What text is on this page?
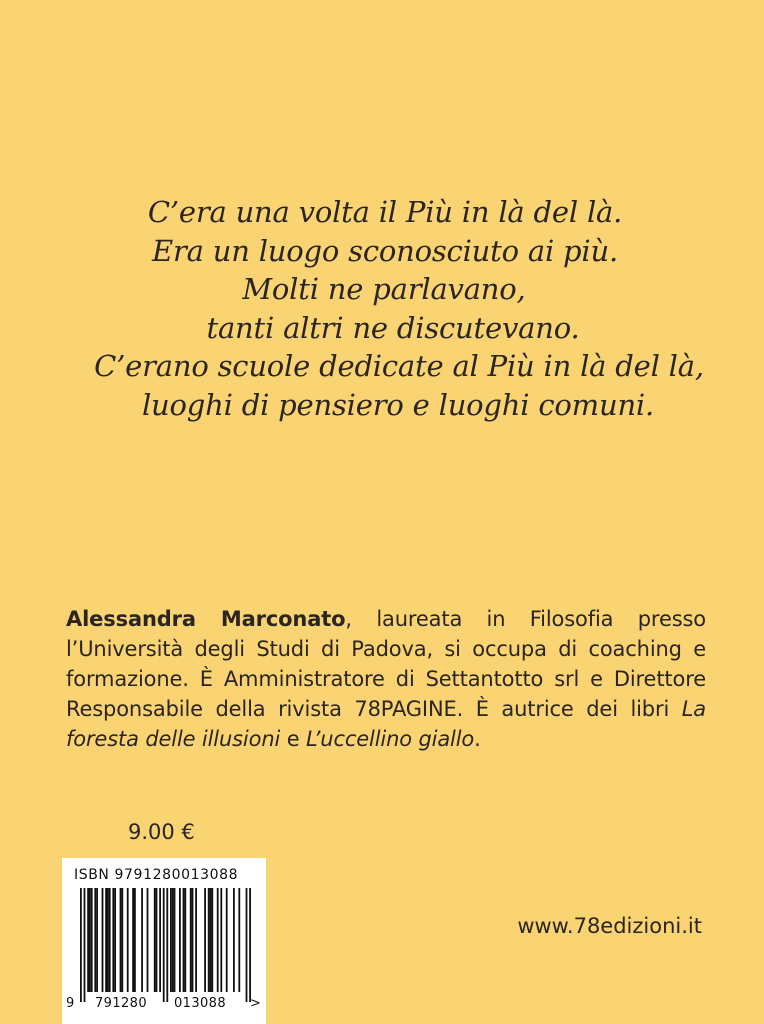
C’era una volta il Più in là del là.
Era un luogo sconosciuto ai più.
Molti ne parlavano,
tanti altri ne discutevano.
C’erano scuole dedicate al Più in là del là,
luoghi di pensiero e luoghi comuni.
Alessandra Marconato, laureata in Filosofia presso l’Università degli Studi di Padova, si occupa di coaching e formazione. È Amministratore di Settantotto srl e Direttore Responsabile della rivista 78PAGINE. È autrice dei libri La foresta delle illusioni e L’uccellino giallo.
9.00 €
ISBN 9791280013088
9 791280 013088 >
www.78edizioni.it
